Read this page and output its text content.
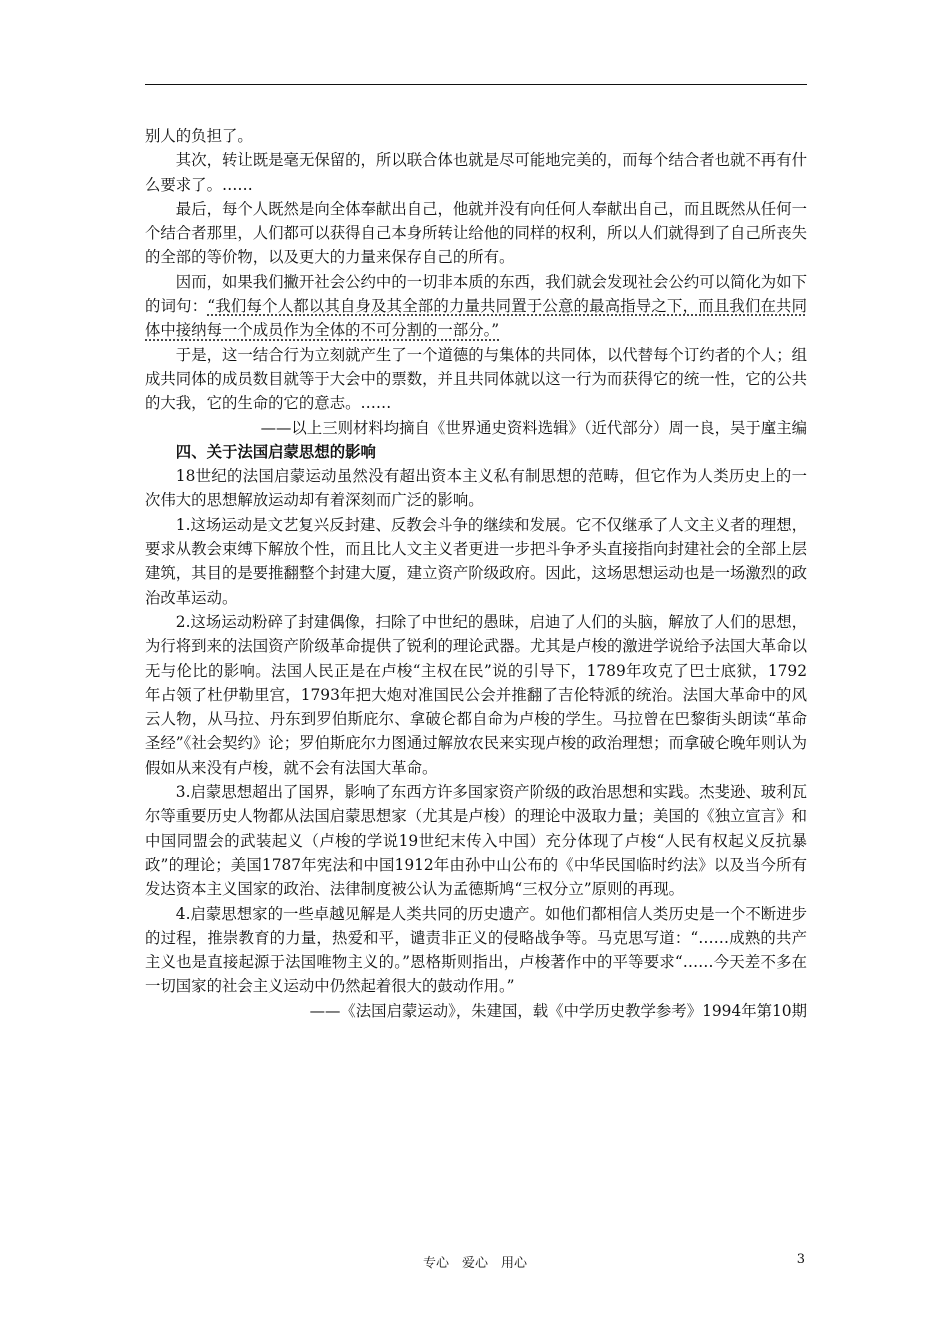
别人的负担了。

其次，转让既是毫无保留的，所以联合体也就是尽可能地完美的，而每个结合者也就不再有什么要求了。……

最后，每个人既然是向全体奉献出自己，他就并没有向任何人奉献出自己，而且既然从任何一个结合者那里，人们都可以获得自己本身所转让给他的同样的权利，所以人们就得到了自己所丧失的全部的等价物，以及更大的力量来保存自己的所有。

因而，如果我们撇开社会公约中的一切非本质的东西，我们就会发现社会公约可以简化为如下的词句：“我们每个人都以其自身及其全部的力量共同置于公意的最高指导之下，而且我们在共同体中接纳每一个成员作为全体的不可分割的一部分。”

于是，这一结合行为立刻就产生了一个道德的与集体的共同体，以代替每个订约者的个人；组成共同体的成员数目就等于大会中的票数，并且共同体就以这一行为而获得它的统一性，它的公共的大我，它的生命的它的意志。……

——以上三则材料均摘自《世界通史资料选辑》（近代部分）周一良，吴于廑主编

四、关于法国启蒙思想的影响

18世纪的法国启蒙运动虽然没有超出资本主义私有制思想的范畴，但它作为人类历史上的一次伟大的思想解放运动却有着深刻而广泛的影响。

1.这场运动是文艺复兴反封建、反教会斗争的继续和发展。它不仅继承了人文主义者的理想，要求从教会束缚下解放个性，而且比人文主义者更进一步把斗争矛头直接指向封建社会的全部上层建筑，其目的是要推翻整个封建大厦，建立资产阶级政府。因此，这场思想运动也是一场激烈的政治改革运动。

2.这场运动粉碎了封建偶像，扫除了中世纪的愚昧，启迪了人们的头脑，解放了人们的思想，为行将到来的法国资产阶级革命提供了锐利的理论武器。尤其是卢梭的激进学说给予法国大革命以无与伦比的影响。法国人民正是在卢梭“主权在民”说的引导下，1789年攻克了巴士底狱，1792年占领了杜伊勒里宫，1793年把大炮对准国民公会并推翻了吉伦特派的统治。法国大革命中的风云人物，从马拉、丹东到罗伯斯庇尔、拿破仑都自命为卢梭的学生。马拉曾在巴黎街头朗读“革命圣经”《社会契约》论；罗伯斯庇尔力图通过解放农民来实现卢梭的政治理想；而拿破仑晚年则认为假如从来没有卢梭，就不会有法国大革命。

3.启蒙思想超出了国界，影响了东西方许多国家资产阶级的政治思想和实践。杰斐逊、玻利瓦尔等重要历史人物都从法国启蒙思想家（尤其是卢梭）的理论中汲取力量；美国的《独立宣言》和中国同盟会的武装起义（卢梭的学说19世纪末传入中国）充分体现了卢梭“人民有权起义反抗暴政”的理论；美国1787年宪法和中国1912年由孙中山公布的《中华民国临时约法》以及当今所有发达资本主义国家的政治、法律制度被公认为孟德斯鸠“三权分立”原则的再现。

4.启蒙思想家的一些卓越见解是人类共同的历史遗产。如他们都相信人类历史是一个不断进步的过程，推崇教育的力量，热爱和平，谴责非正义的侵略战争等。马克思写道：“……成熟的共产主义也是直接起源于法国唯物主义的。”恩格斯则指出，卢梭著作中的平等要求“……今天差不多在一切国家的社会主义运动中仍然起着很大的鼓动作用。”

——《法国启蒙运动》，朱建国，载《中学历史教学参考》1994年第10期

专心　爱心　用心	3
